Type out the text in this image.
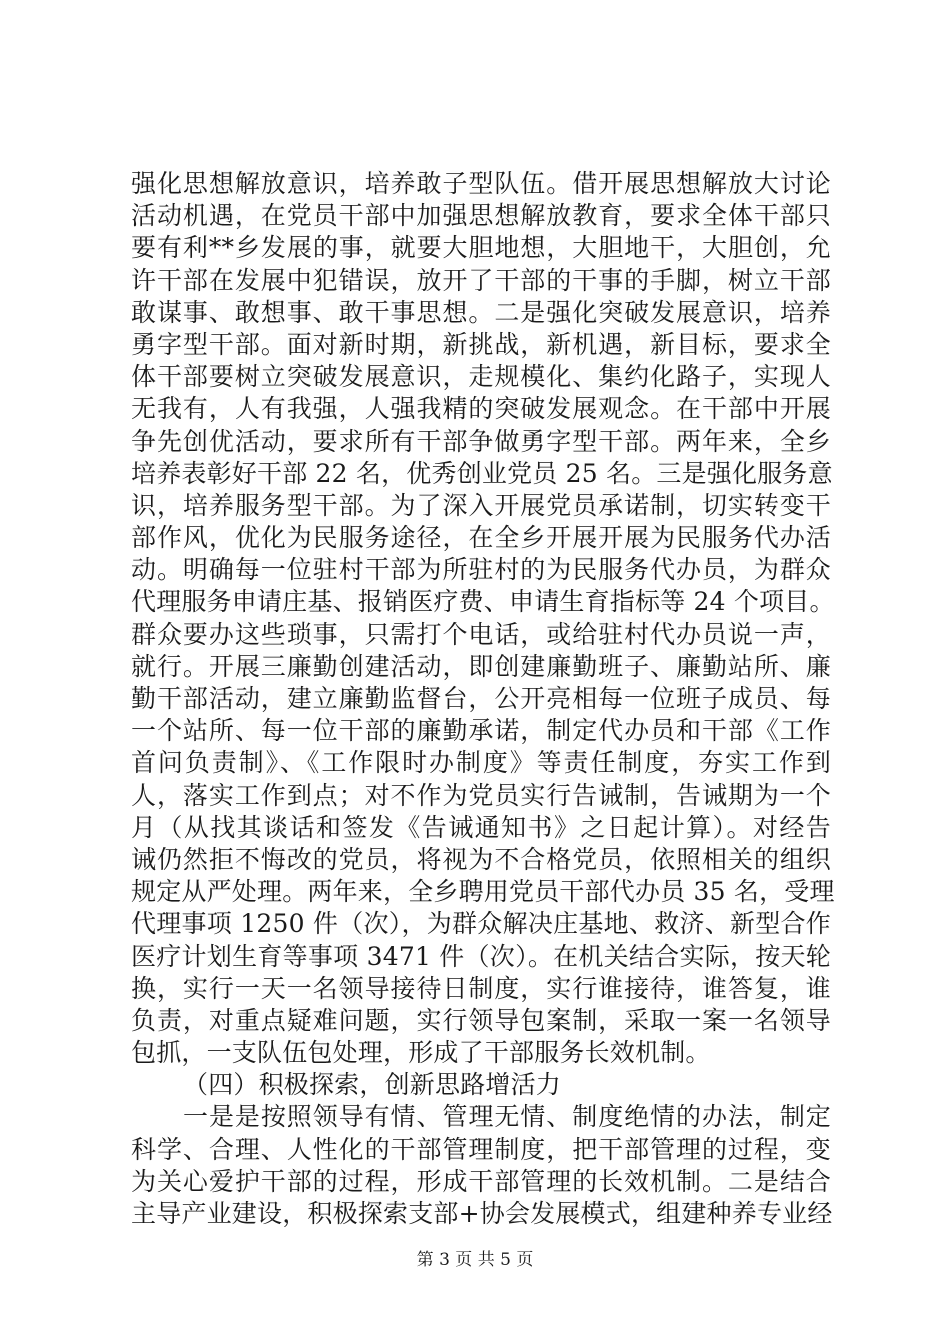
强化思想解放意识，培养敢子型队伍。借开展思想解放大讨论
活动机遇，在党员干部中加强思想解放教育，要求全体干部只
要有利**乡发展的事，就要大胆地想，大胆地干，大胆创，允
许干部在发展中犯错误，放开了干部的干事的手脚，树立干部
敢谋事、敢想事、敢干事思想。二是强化突破发展意识，培养
勇字型干部。面对新时期，新挑战，新机遇，新目标，要求全
体干部要树立突破发展意识，走规模化、集约化路子，实现人
无我有，人有我强，人强我精的突破发展观念。在干部中开展
争先创优活动，要求所有干部争做勇字型干部。两年来，全乡
培养表彰好干部 22 名，优秀创业党员 25 名。三是强化服务意
识，培养服务型干部。为了深入开展党员承诺制，切实转变干
部作风，优化为民服务途径，在全乡开展开展为民服务代办活
动。明确每一位驻村干部为所驻村的为民服务代办员，为群众
代理服务申请庄基、报销医疗费、申请生育指标等 24 个项目。
群众要办这些琐事，只需打个电话，或给驻村代办员说一声，
就行。开展三廉勤创建活动，即创建廉勤班子、廉勤站所、廉
勤干部活动，建立廉勤监督台，公开亮相每一位班子成员、每
一个站所、每一位干部的廉勤承诺，制定代办员和干部《工作
首问负责制》、《工作限时办制度》等责任制度，夯实工作到
人，落实工作到点；对不作为党员实行告诫制，告诫期为一个
月（从找其谈话和签发《告诫通知书》之日起计算）。对经告
诫仍然拒不悔改的党员，将视为不合格党员，依照相关的组织
规定从严处理。两年来，全乡聘用党员干部代办员 35 名，受理
代理事项 1250 件（次），为群众解决庄基地、救济、新型合作
医疗计划生育等事项 3471 件（次）。在机关结合实际，按天轮
换，实行一天一名领导接待日制度，实行谁接待，谁答复，谁
负责，对重点疑难问题，实行领导包案制，采取一案一名领导
包抓，一支队伍包处理，形成了干部服务长效机制。
（四）积极探索，创新思路增活力
一是是按照领导有情、管理无情、制度绝情的办法，制定
科学、合理、人性化的干部管理制度，把干部管理的过程，变
为关心爱护干部的过程，形成干部管理的长效机制。二是结合
主导产业建设，积极探索支部+协会发展模式，组建种养专业经
第 3 页 共 5 页
